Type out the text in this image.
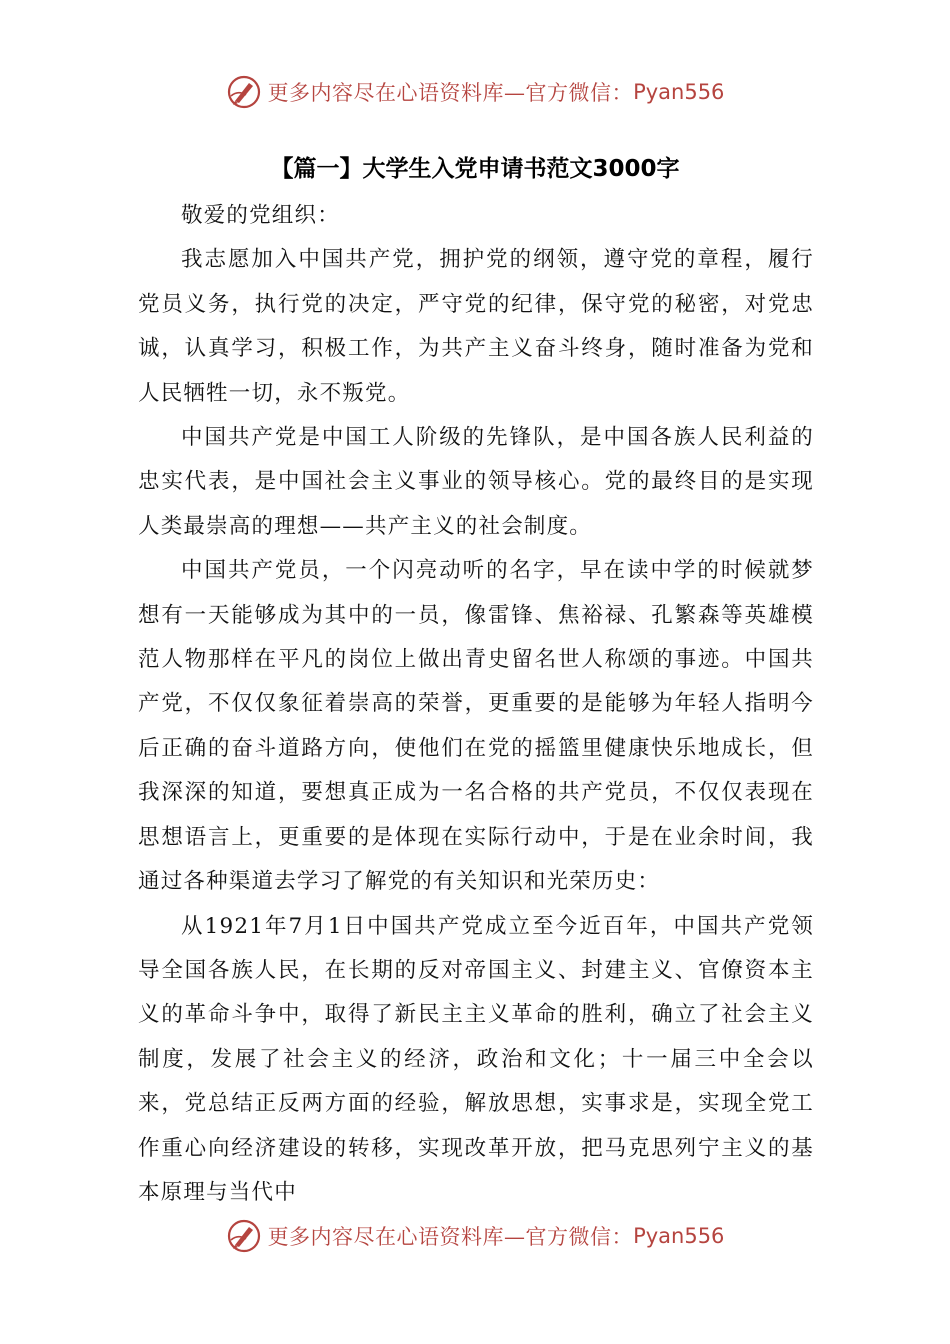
更多内容尽在心语资料库—官方微信： Pyan556
【篇一】大学生入党申请书范文3000字

敬爱的党组织：

我志愿加入中国共产党，拥护党的纲领，遵守党的章程，履行党员义务，执行党的决定，严守党的纪律，保守党的秘密，对党忠诚，认真学习，积极工作，为共产主义奋斗终身，随时准备为党和人民牺牲一切，永不叛党。

中国共产党是中国工人阶级的先锋队，是中国各族人民利益的忠实代表，是中国社会主义事业的领导核心。党的最终目的是实现人类最崇高的理想——共产主义的社会制度。

中国共产党员，一个闪亮动听的名字，早在读中学的时候就梦想有一天能够成为其中的一员，像雷锋、焦裕禄、孔繁森等英雄模范人物那样在平凡的岗位上做出青史留名世人称颂的事迹。中国共产党，不仅仅象征着崇高的荣誉，更重要的是能够为年轻人指明今后正确的奋斗道路方向，使他们在党的摇篮里健康快乐地成长，但我深深的知道，要想真正成为一名合格的共产党员，不仅仅表现在思想语言上，更重要的是体现在实际行动中，于是在业余时间，我通过各种渠道去学习了解党的有关知识和光荣历史：

从1921年7月1日中国共产党成立至今近百年，中国共产党领导全国各族人民，在长期的反对帝国主义、封建主义、官僚资本主义的革命斗争中，取得了新民主主义革命的胜利，确立了社会主义制度，发展了社会主义的经济，政治和文化；十一届三中全会以来，党总结正反两方面的经验，解放思想，实事求是，实现全党工作重心向经济建设的转移，实现改革开放，把马克思列宁主义的基本原理与当代中

更多内容尽在心语资料库—官方微信： Pyan556
